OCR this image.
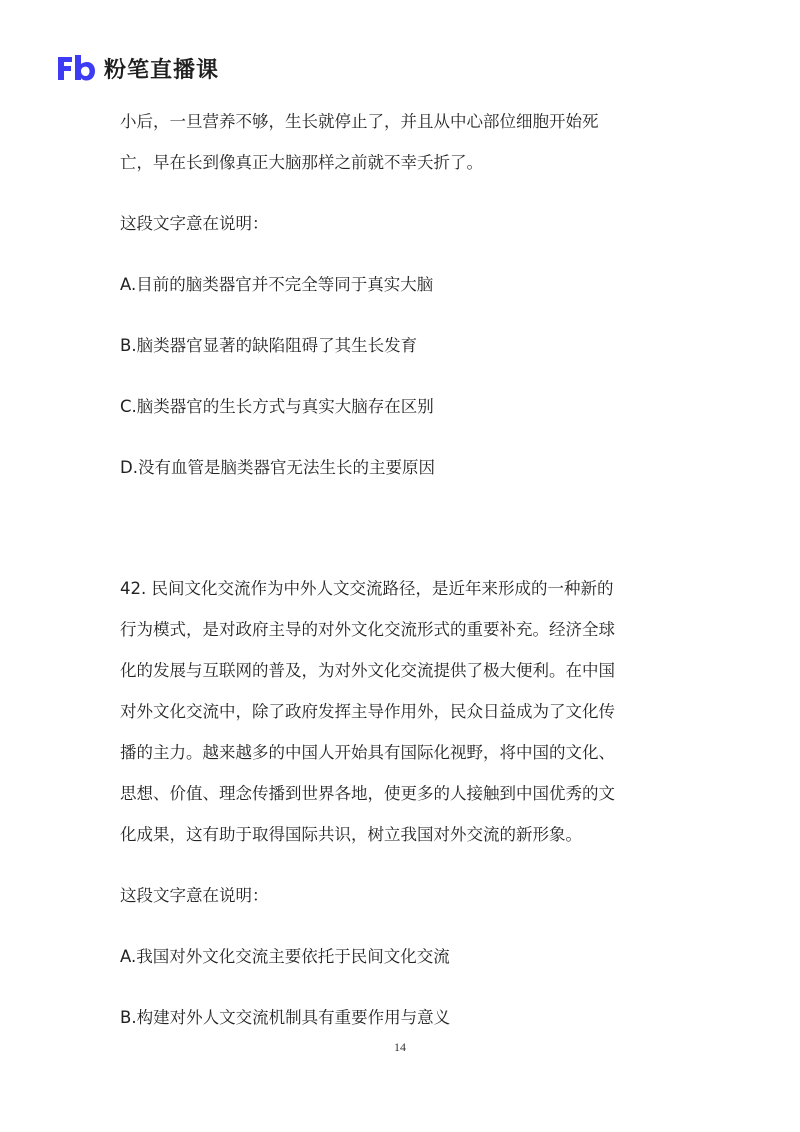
粉笔直播课

小后，一旦营养不够，生长就停止了，并且从中心部位细胞开始死
亡，早在长到像真正大脑那样之前就不幸夭折了。

这段文字意在说明：
A.目前的脑类器官并不完全等同于真实大脑
B.脑类器官显著的缺陷阻碍了其生长发育
C.脑类器官的生长方式与真实大脑存在区别
D.没有血管是脑类器官无法生长的主要原因

42. 民间文化交流作为中外人文交流路径，是近年来形成的一种新的
行为模式，是对政府主导的对外文化交流形式的重要补充。经济全球
化的发展与互联网的普及，为对外文化交流提供了极大便利。在中国
对外文化交流中，除了政府发挥主导作用外，民众日益成为了文化传
播的主力。越来越多的中国人开始具有国际化视野，将中国的文化、
思想、价值、理念传播到世界各地，使更多的人接触到中国优秀的文
化成果，这有助于取得国际共识，树立我国对外交流的新形象。

这段文字意在说明：
A.我国对外文化交流主要依托于民间文化交流
B.构建对外人文交流机制具有重要作用与意义
14
